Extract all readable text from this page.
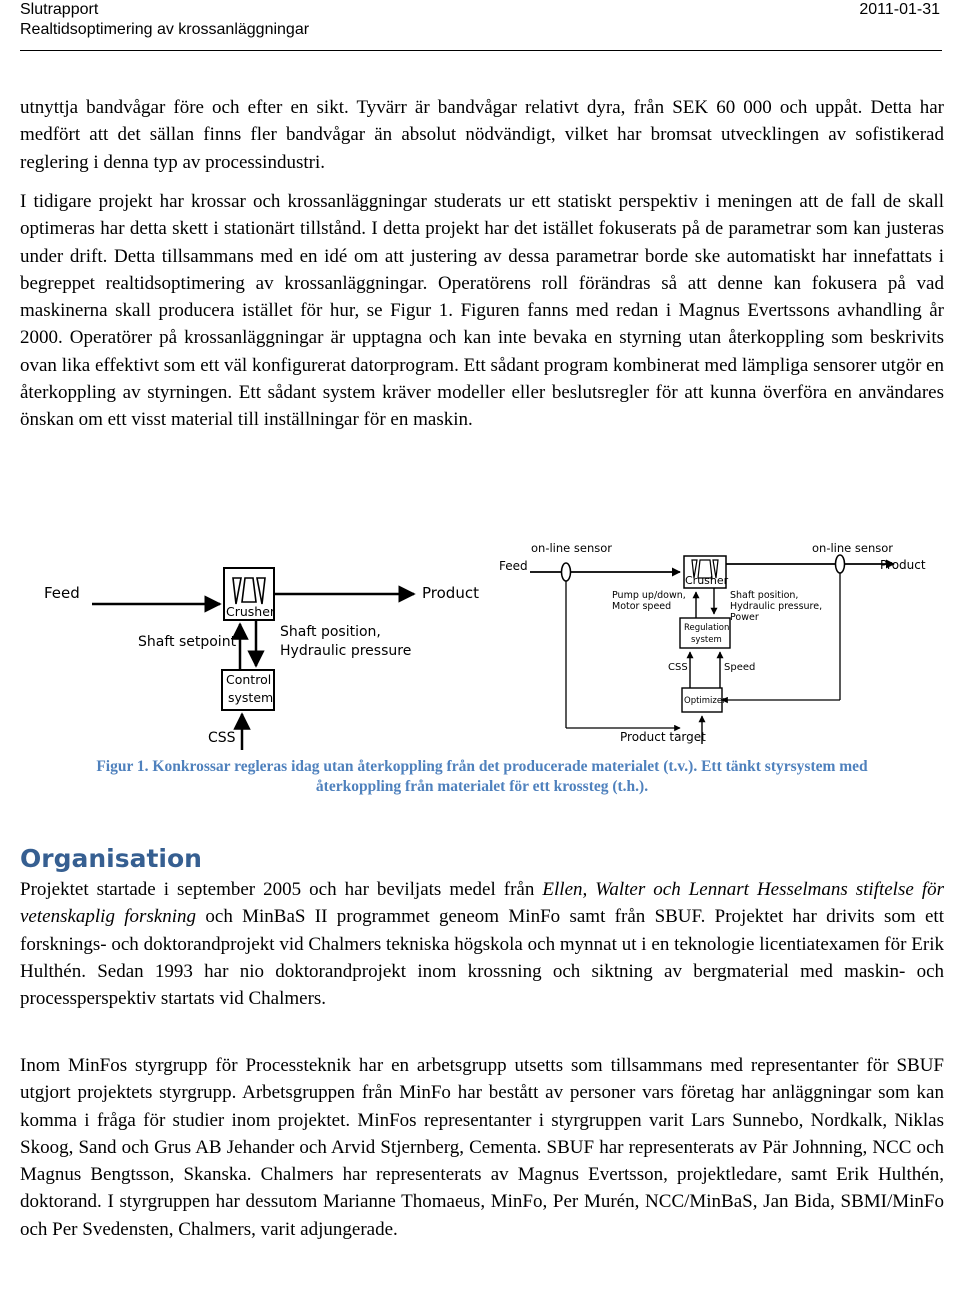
Slutrapport
Realtidsoptimering av krossanläggningar
2011-01-31

utnyttja bandvågar före och efter en sikt. Tyvärr är bandvågar relativt dyra, från SEK 60 000 och uppåt. Detta har medfört att det sällan finns fler bandvågar än absolut nödvändigt, vilket har bromsat utvecklingen av sofistikerad reglering i denna typ av processindustri.

I tidigare projekt har krossar och krossanläggningar studerats ur ett statiskt perspektiv i meningen att de fall de skall optimeras har detta skett i stationärt tillstånd. I detta projekt har det istället fokuserats på de parametrar som kan justeras under drift. Detta tillsammans med en idé om att justering av dessa parametrar borde ske automatiskt har innefattats i begreppet realtidsoptimering av krossanläggningar. Operatörens roll förändras så att denne kan fokusera på vad maskinerna skall producera istället för hur, se Figur 1. Figuren fanns med redan i Magnus Evertssons avhandling år 2000. Operatörer på krossanläggningar är upptagna och kan inte bevaka en styrning utan återkoppling som beskrivits ovan lika effektivt som ett väl konfigurerat datorprogram. Ett sådant program kombinerat med lämpliga sensorer utgör en återkoppling av styrningen. Ett sådant system kräver modeller eller beslutsregler för att kunna överföra en användares önskan om ett visst material till inställningar för en maskin.

Feed
Crusher
Product
Shaft setpoint
Shaft position,
Hydraulic pressure
Control
system
CSS
on-line sensor	on-line sensor
Feed
Crusher
Product
Pump up/down,
Motor speed
Shaft position,
Hydraulic pressure,
Power
Regulation
system
CSS	Speed
Optimizer
Product target
Figur 1. Konkrossar regleras idag utan återkoppling från det producerade materialet (t.v.). Ett tänkt styrsystem med
återkoppling från materialet för ett krossteg (t.h.).
Organisation

Projektet startade i september 2005 och har beviljats medel från Ellen, Walter och Lennart Hesselmans stiftelse för vetenskaplig forskning och MinBaS II programmet geneom MinFo samt från SBUF. Projektet har drivits som ett forsknings- och doktorandprojekt vid Chalmers tekniska högskola och mynnat ut i en teknologie licentiatexamen för Erik Hulthén. Sedan 1993 har nio doktorandprojekt inom krossning och siktning av bergmaterial med maskin- och processperspektiv startats vid Chalmers.

Inom MinFos styrgrupp för Processteknik har en arbetsgrupp utsetts som tillsammans med representanter för SBUF utgjort projektets styrgrupp. Arbetsgruppen från MinFo har bestått av personer vars företag har anläggningar som kan komma i fråga för studier inom projektet. MinFos representanter i styrgruppen varit Lars Sunnebo, Nordkalk, Niklas Skoog, Sand och Grus AB Jehander och Arvid Stjernberg, Cementa. SBUF har representerats av Pär Johnning, NCC och Magnus Bengtsson, Skanska. Chalmers har representerats av Magnus Evertsson, projektledare, samt Erik Hulthén, doktorand. I styrgruppen har dessutom Marianne Thomaeus, MinFo, Per Murén, NCC/MinBaS, Jan Bida, SBMI/MinFo och Per Svedensten, Chalmers, varit adjungerade.
